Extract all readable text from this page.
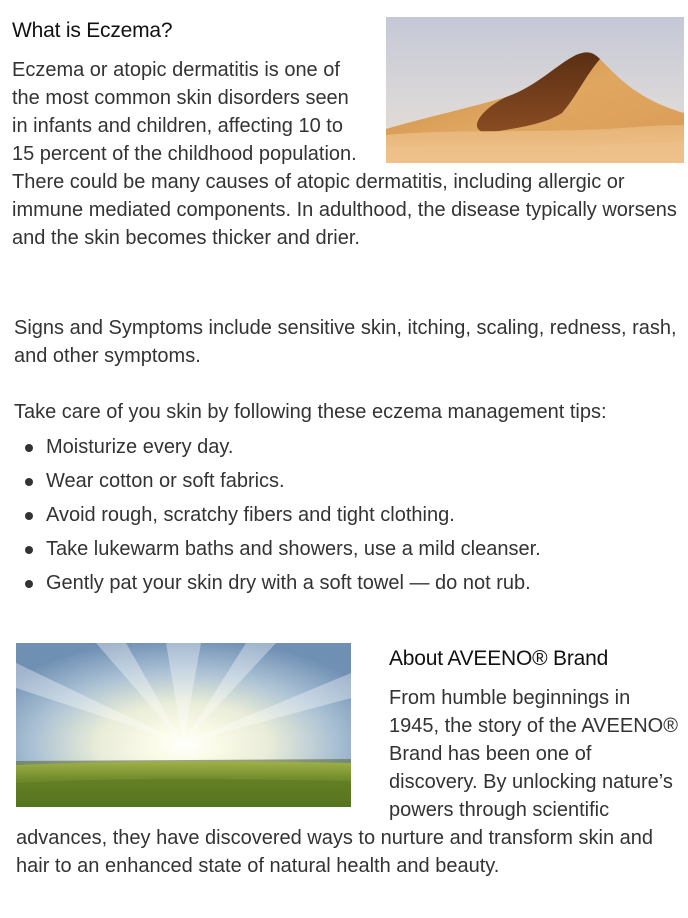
What is Eczema?

Eczema or atopic dermatitis is one of the most common skin disorders seen in infants and children, affecting 10 to 15 percent of the childhood population. There could be many causes of atopic dermatitis, including allergic or immune mediated components. In adulthood, the disease typically worsens and the skin becomes thicker and drier.

Signs and Symptoms include sensitive skin, itching, scaling, redness, rash, and other symptoms.

Take care of you skin by following these eczema management tips:

Moisturize every day.
Wear cotton or soft fabrics.
Avoid rough, scratchy fibers and tight clothing.
Take lukewarm baths and showers, use a mild cleanser.
Gently pat your skin dry with a soft towel — do not rub.
About AVEENO® Brand

From humble beginnings in 1945, the story of the AVEENO® Brand has been one of discovery. By unlocking nature’s powers through scientific advances, they have discovered ways to nurture and transform skin and hair to an enhanced state of natural health and beauty.
